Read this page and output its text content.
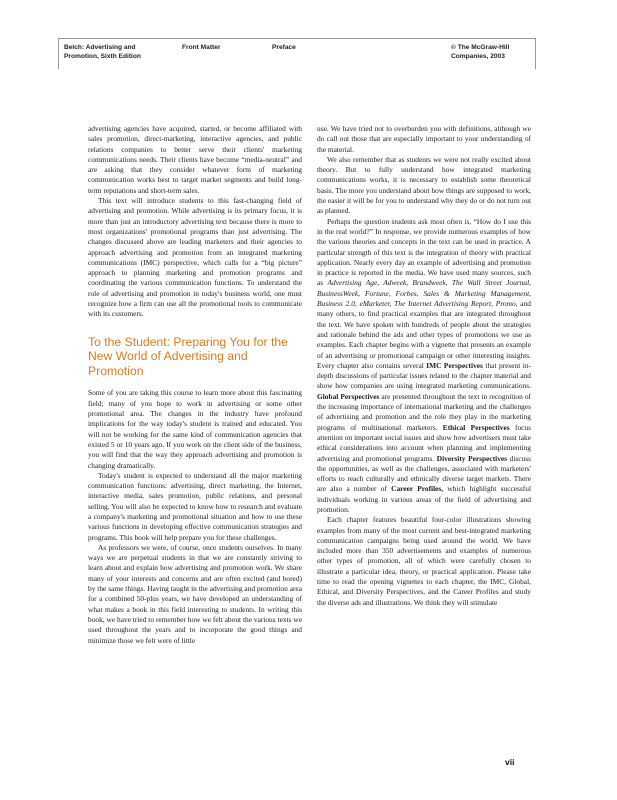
Belch: Advertising and Promotion, Sixth Edition
Front Matter	Preface	© The McGraw-Hill Companies, 2003

advertising agencies have acquired, started, or become affiliated with sales promotion, direct-marketing, interactive agencies, and public relations companies to better serve their clients' marketing communications needs. Their clients have become “media-neutral” and are asking that they consider whatever form of marketing communication works best to target market segments and build long-term reputations and short-term sales.

This text will introduce students to this fast-changing field of advertising and promotion. While advertising is its primary focus, it is more than just an introductory advertising text because there is more to most organizations' promotional programs than just advertising. The changes discussed above are leading marketers and their agencies to approach advertising and promotion from an integrated marketing communications (IMC) perspective, which calls for a “big picture” approach to planning marketing and promotion programs and coordinating the various communication functions. To understand the role of advertising and promotion in today's business world, one must recognize how a firm can use all the promotional tools to communicate with its customers.

To the Student: Preparing You for the New World of Advertising and Promotion

Some of you are taking this course to learn more about this fascinating field; many of you hope to work in advertising or some other promotional area. The changes in the industry have profound implications for the way today's student is trained and educated. You will not be working for the same kind of communication agencies that existed 5 or 10 years ago. If you work on the client side of the business, you will find that the way they approach advertising and promotion is changing dramatically.

Today's student is expected to understand all the major marketing communication functions: advertising, direct marketing, the Internet, interactive media, sales promotion, public relations, and personal selling. You will also be expected to know how to research and evaluate a company's marketing and promotional situation and how to use these various functions in developing effective communication strategies and programs. This book will help prepare you for these challenges.

As professors we were, of course, once students ourselves. In many ways we are perpetual students in that we are constantly striving to learn about and explain how advertising and promotion work. We share many of your interests and concerns and are often excited (and bored) by the same things. Having taught in the advertising and promotion area for a combined 50-plus years, we have developed an understanding of what makes a book in this field interesting to students. In writing this book, we have tried to remember how we felt about the various texts we used throughout the years and to incorporate the good things and minimize those we felt were of little

use. We have tried not to overburden you with definitions, although we do call out those that are especially important to your understanding of the material.

We also remember that as students we were not really excited about theory. But to fully understand how integrated marketing communications works, it is necessary to establish some theoretical basis. The more you understand about how things are supposed to work, the easier it will be for you to understand why they do or do not turn out as planned.

Perhaps the question students ask most often is, “How do I use this in the real world?” In response, we provide numerous examples of how the various theories and concepts in the text can be used in practice. A particular strength of this text is the integration of theory with practical application. Nearly every day an example of advertising and promotion in practice is reported in the media. We have used many sources, such as Advertising Age, Adweek, Brandweek, The Wall Street Journal, BusinessWeek, Fortune, Forbes, Sales & Marketing Management, Business 2.0, eMarketer, The Internet Advertising Report, Promo, and many others, to find practical examples that are integrated throughout the text. We have spoken with hundreds of people about the strategies and rationale behind the ads and other types of promotions we use as examples. Each chapter begins with a vignette that presents an example of an advertising or promotional campaign or other interesting insights. Every chapter also contains several IMC Perspectives that present in-depth discussions of particular issues related to the chapter material and show how companies are using integrated marketing communications. Global Perspectives are presented throughout the text in recognition of the increasing importance of international marketing and the challenges of advertising and promotion and the role they play in the marketing programs of multinational marketers. Ethical Perspectives focus attention on important social issues and show how advertisers must take ethical considerations into account when planning and implementing advertising and promotional programs. Diversity Perspectives discuss the opportunities, as well as the challenges, associated with marketers' efforts to reach culturally and ethnically diverse target markets. There are also a number of Career Profiles, which highlight successful individuals working in various areas of the field of advertising and promotion.

Each chapter features beautiful four-color illustrations showing examples from many of the most current and best-integrated marketing communication campaigns being used around the world. We have included more than 350 advertisements and examples of numerous other types of promotion, all of which were carefully chosen to illustrate a particular idea, theory, or practical application. Please take time to read the opening vignettes to each chapter, the IMC, Global, Ethical, and Diversity Perspectives, and the Career Profiles and study the diverse ads and illustrations. We think they will stimulate

vii
